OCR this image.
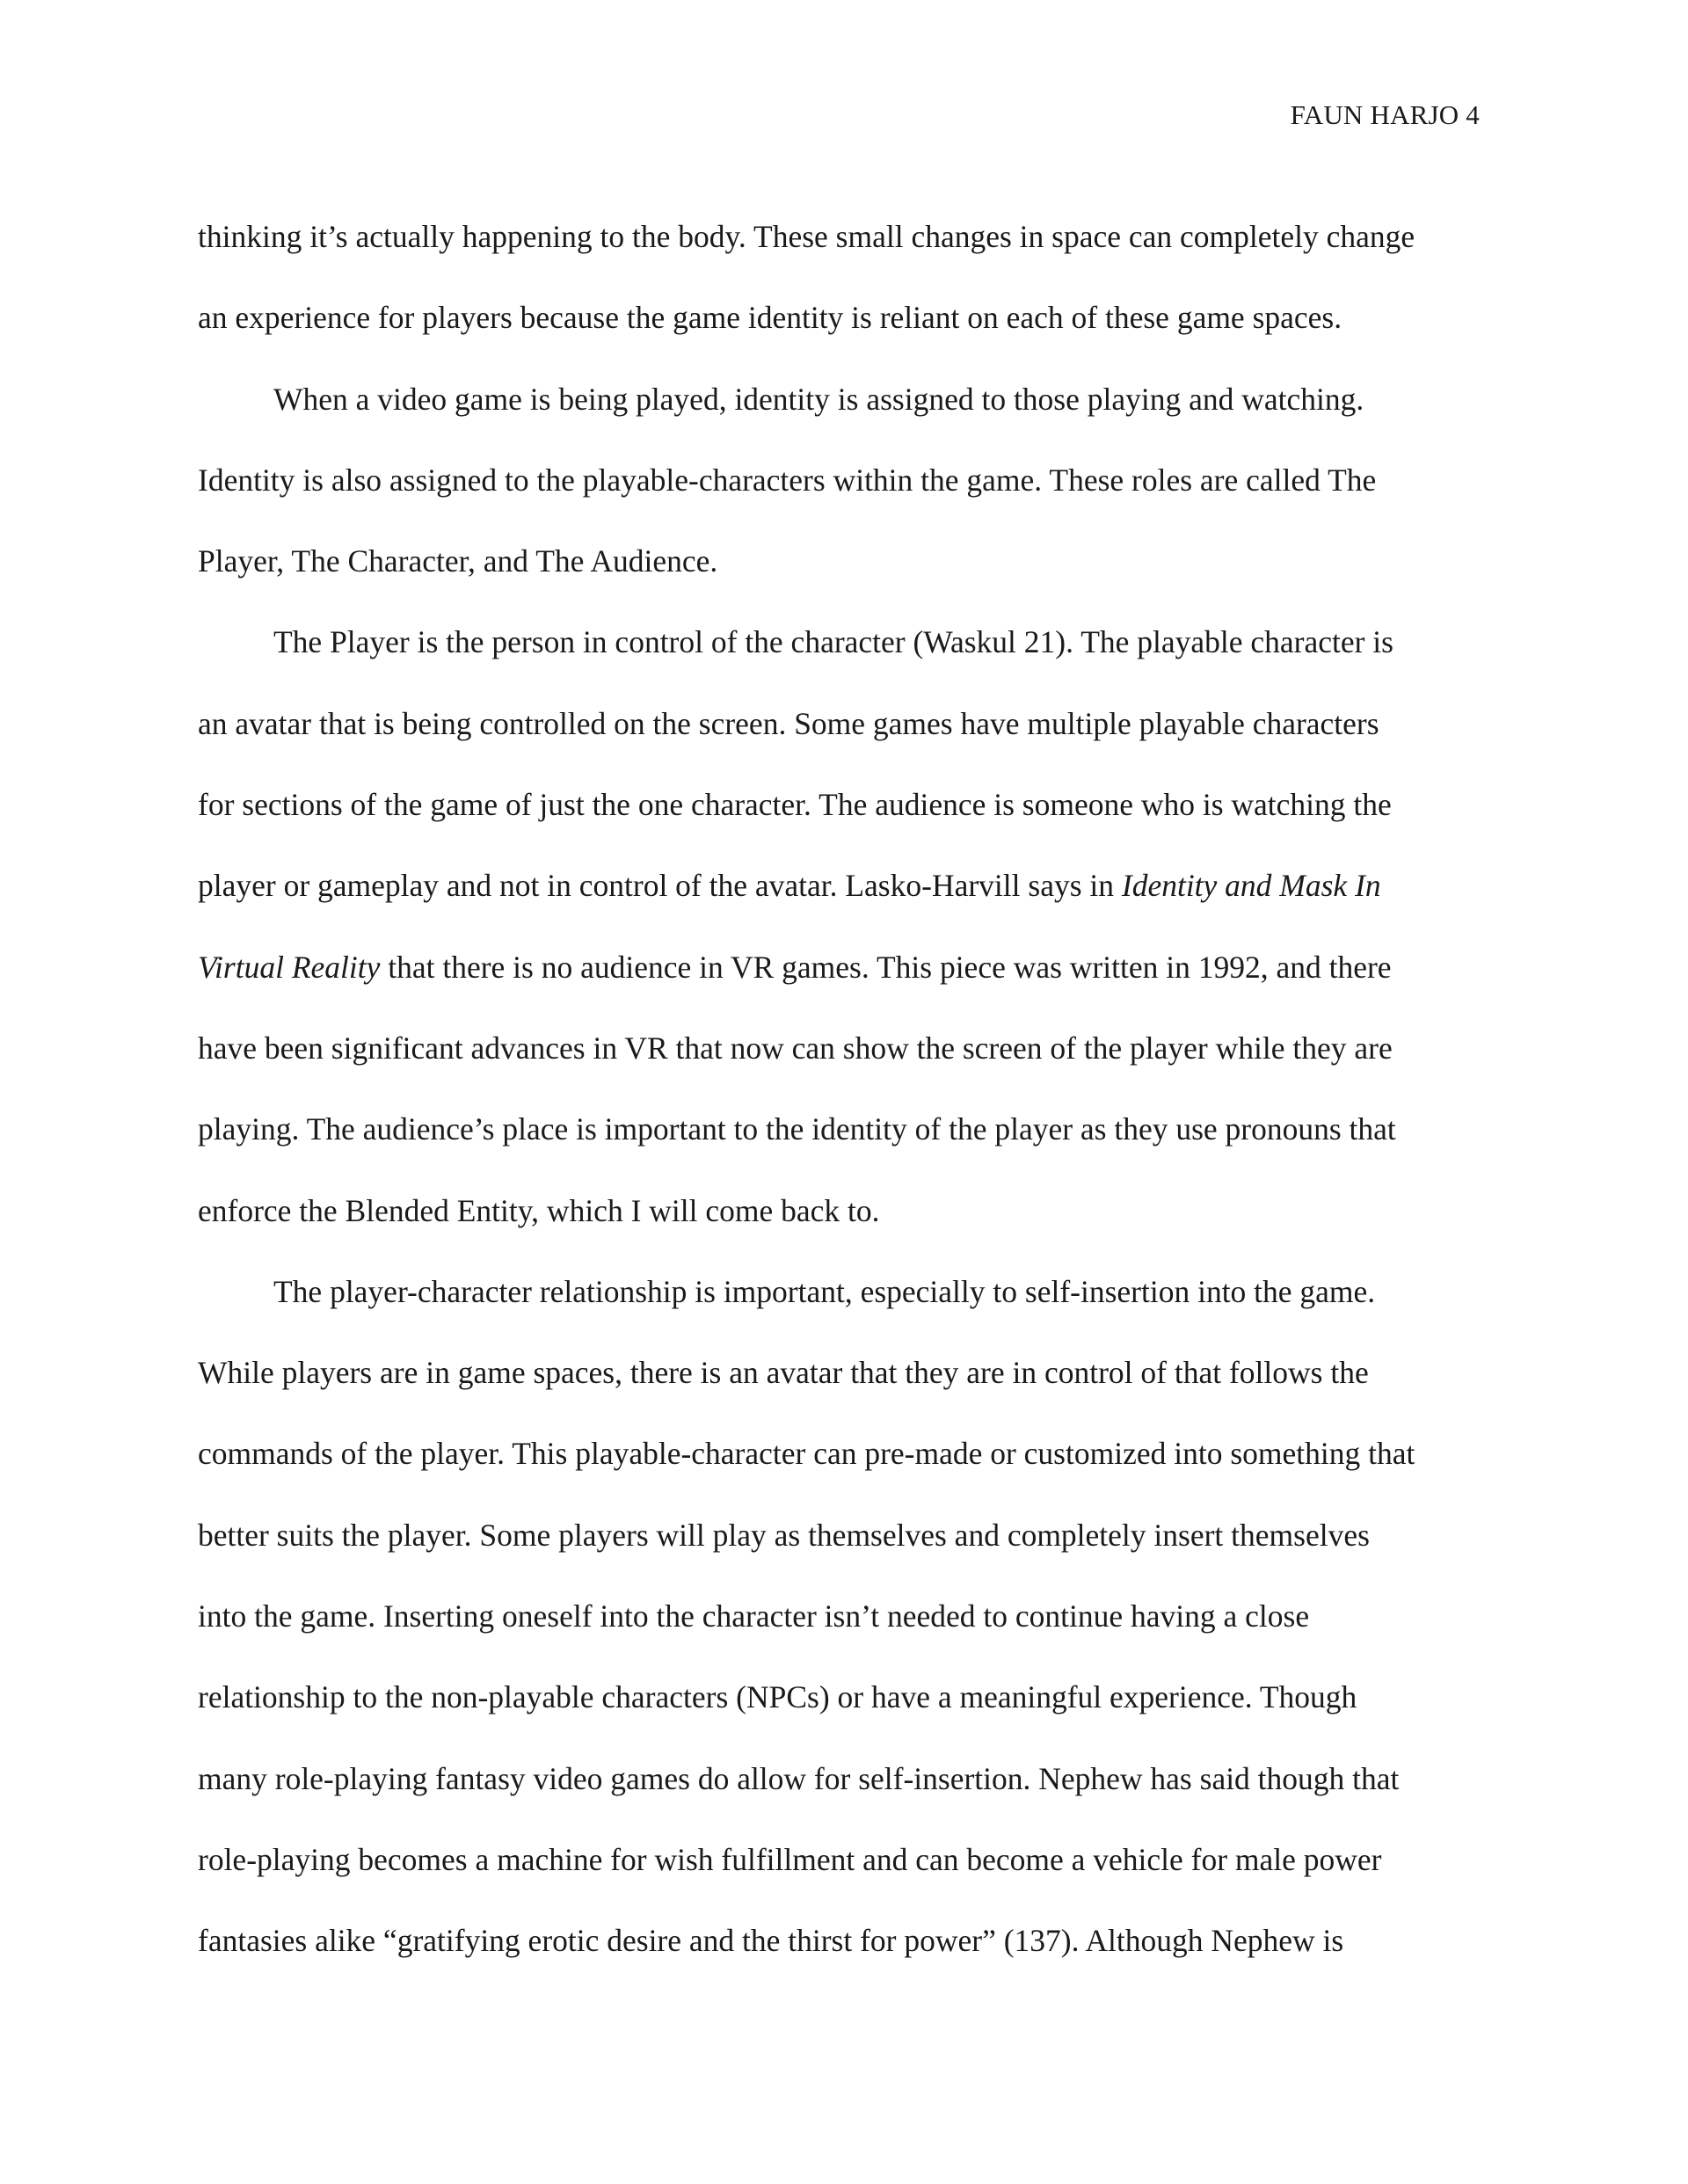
FAUN HARJO 4
thinking it’s actually happening to the body. These small changes in space can completely change
an experience for players because the game identity is reliant on each of these game spaces.
When a video game is being played, identity is assigned to those playing and watching.
Identity is also assigned to the playable-characters within the game. These roles are called The
Player, The Character, and The Audience.
The Player is the person in control of the character (Waskul 21). The playable character is
an avatar that is being controlled on the screen. Some games have multiple playable characters
for sections of the game of just the one character. The audience is someone who is watching the
player or gameplay and not in control of the avatar. Lasko-Harvill says in Identity and Mask In
Virtual Reality that there is no audience in VR games. This piece was written in 1992, and there
have been significant advances in VR that now can show the screen of the player while they are
playing. The audience’s place is important to the identity of the player as they use pronouns that
enforce the Blended Entity, which I will come back to.
The player-character relationship is important, especially to self-insertion into the game.
While players are in game spaces, there is an avatar that they are in control of that follows the
commands of the player. This playable-character can pre-made or customized into something that
better suits the player. Some players will play as themselves and completely insert themselves
into the game. Inserting oneself into the character isn’t needed to continue having a close
relationship to the non-playable characters (NPCs) or have a meaningful experience. Though
many role-playing fantasy video games do allow for self-insertion. Nephew has said though that
role-playing becomes a machine for wish fulfillment and can become a vehicle for male power
fantasies alike “gratifying erotic desire and the thirst for power” (137). Although Nephew is
